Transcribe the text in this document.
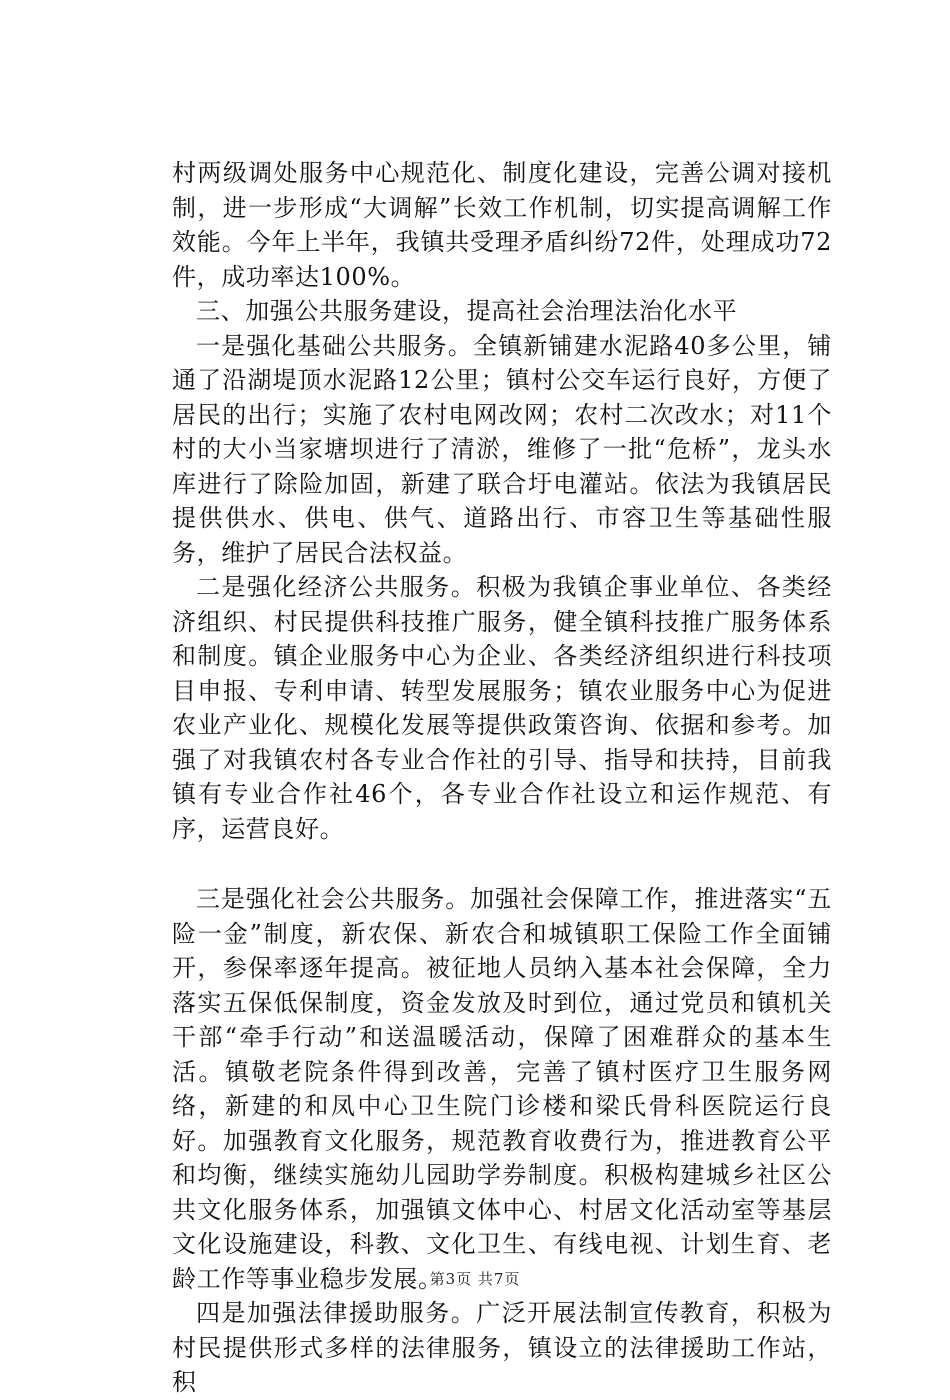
村两级调处服务中心规范化、制度化建设，完善公调对接机制，进一步形成“大调解”长效工作机制，切实提高调解工作效能。今年上半年，我镇共受理矛盾纠纷72件，处理成功72件，成功率达100%。

三、加强公共服务建设，提高社会治理法治化水平

一是强化基础公共服务。全镇新铺建水泥路40多公里，铺通了沿湖堤顶水泥路12公里；镇村公交车运行良好，方便了居民的出行；实施了农村电网改网；农村二次改水；对11个村的大小当家塘坝进行了清淤，维修了一批“危桥”，龙头水库进行了除险加固，新建了联合圩电灌站。依法为我镇居民提供供水、供电、供气、道路出行、市容卫生等基础性服务，维护了居民合法权益。

二是强化经济公共服务。积极为我镇企事业单位、各类经济组织、村民提供科技推广服务，健全镇科技推广服务体系和制度。镇企业服务中心为企业、各类经济组织进行科技项目申报、专利申请、转型发展服务；镇农业服务中心为促进农业产业化、规模化发展等提供政策咨询、依据和参考。加强了对我镇农村各专业合作社的引导、指导和扶持，目前我镇有专业合作社46个，各专业合作社设立和运作规范、有序，运营良好。

三是强化社会公共服务。加强社会保障工作，推进落实“五险一金”制度，新农保、新农合和城镇职工保险工作全面铺开，参保率逐年提高。被征地人员纳入基本社会保障，全力落实五保低保制度，资金发放及时到位，通过党员和镇机关干部“牵手行动”和送温暖活动，保障了困难群众的基本生活。镇敬老院条件得到改善，完善了镇村医疗卫生服务网络，新建的和凤中心卫生院门诊楼和梁氏骨科医院运行良好。加强教育文化服务，规范教育收费行为，推进教育公平和均衡，继续实施幼儿园助学券制度。积极构建城乡社区公共文化服务体系，加强镇文体中心、村居文化活动室等基层文化设施建设，科教、文化卫生、有线电视、计划生育、老龄工作等事业稳步发展。

四是加强法律援助服务。广泛开展法制宣传教育，积极为村民提供形式多样的法律服务，镇设立的法律援助工作站，积

第3页 共7页
